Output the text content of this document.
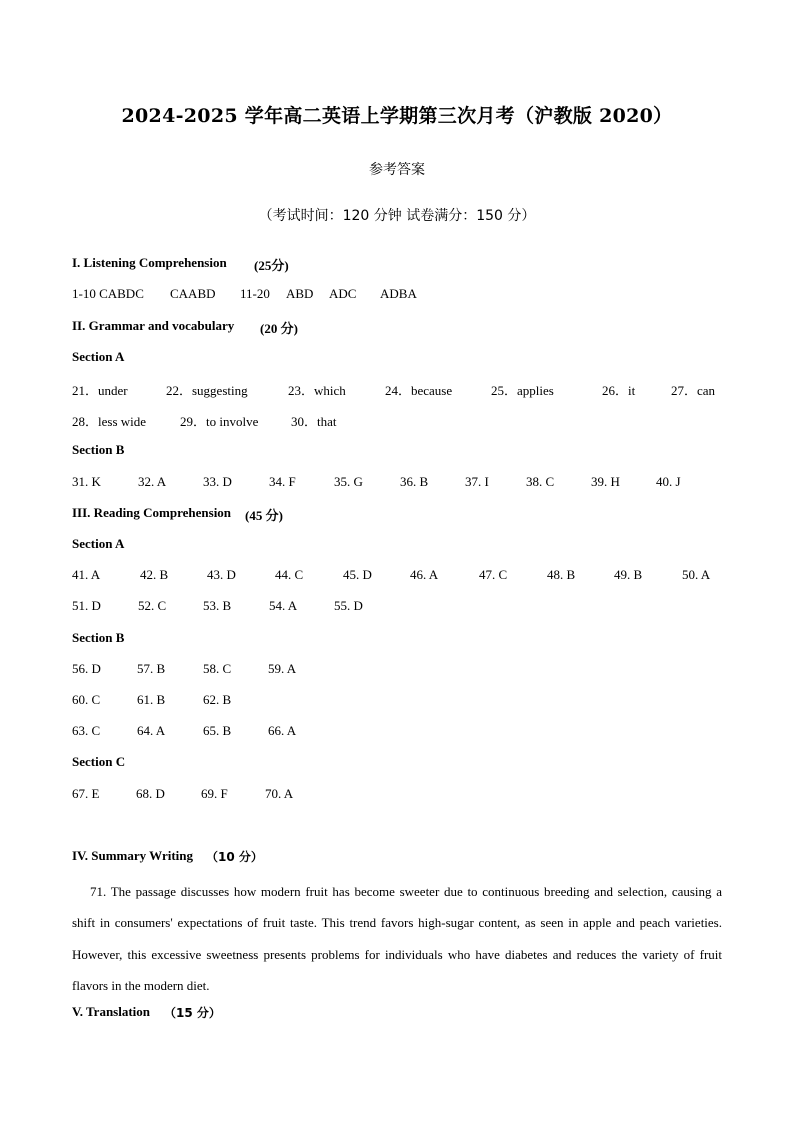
2024-2025 学年高二英语上学期第三次月考（沪教版 2020）
参考答案
（考试时间：120 分钟 试卷满分：150 分）
I. Listening Comprehension (25分)
1-10 CABDC CAABD 11-20 ABD ADC ADBA
II. Grammar and vocabulary (20 分)
Section A
21．under	22．suggesting	23．which	24．because	25．applies	26．it	27．can
28．less wide	29．to involve	30．that
Section B
31. K	32. A	33. D	34. F	35. G	36. B	37. I	38. C	39. H	40. J
III. Reading Comprehension (45 分)
Section A
41. A	42. B	43. D	44. C	45. D	46. A	47. C	48. B	49. B	50. A
51. D	52. C	53. B	54. A	55. D
Section B
56. D	57. B	58. C	59. A
60. C	61. B	62. B
63. C	64. A	65. B	66. A
Section C
67. E	68. D	69. F	70. A
IV. Summary Writing （10 分）
71. The passage discusses how modern fruit has become sweeter due to continuous breeding and selection, causing a shift in consumers' expectations of fruit taste. This trend favors high-sugar content, as seen in apple and peach varieties. However, this excessive sweetness presents problems for individuals who have diabetes and reduces the variety of fruit flavors in the modern diet.
V. Translation （15 分）
